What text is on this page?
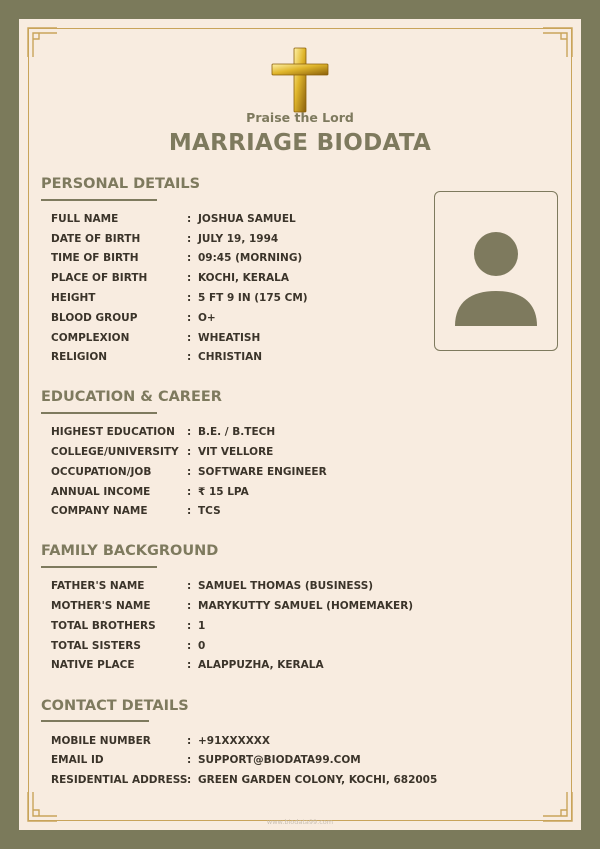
Praise the Lord
MARRIAGE BIODATA
PERSONAL DETAILS
FULL NAME	: JOSHUA SAMUEL
DATE OF BIRTH	: JULY 19, 1994
TIME OF BIRTH	: 09:45 (MORNING)
PLACE OF BIRTH	: KOCHI, KERALA
HEIGHT	: 5 FT 9 IN (175 CM)
BLOOD GROUP	: O+
COMPLEXION	: WHEATISH
RELIGION	: CHRISTIAN
EDUCATION & CAREER
HIGHEST EDUCATION : B.E. / B.TECH
COLLEGE/UNIVERSITY : VIT VELLORE
OCCUPATION/JOB	: SOFTWARE ENGINEER
ANNUAL INCOME	: ₹ 15 LPA
COMPANY NAME	: TCS
FAMILY BACKGROUND
FATHER'S NAME	: SAMUEL THOMAS (BUSINESS)
MOTHER'S NAME	: MARYKUTTY SAMUEL (HOMEMAKER)
TOTAL BROTHERS	: 1
TOTAL SISTERS	: 0
NATIVE PLACE	: ALAPPUZHA, KERALA
CONTACT DETAILS
MOBILE NUMBER	: +91XXXXXX
EMAIL ID	: SUPPORT@BIODATA99.COM
RESIDENTIAL ADDRESS : GREEN GARDEN COLONY, KOCHI, 682005
www.biodata99.com
